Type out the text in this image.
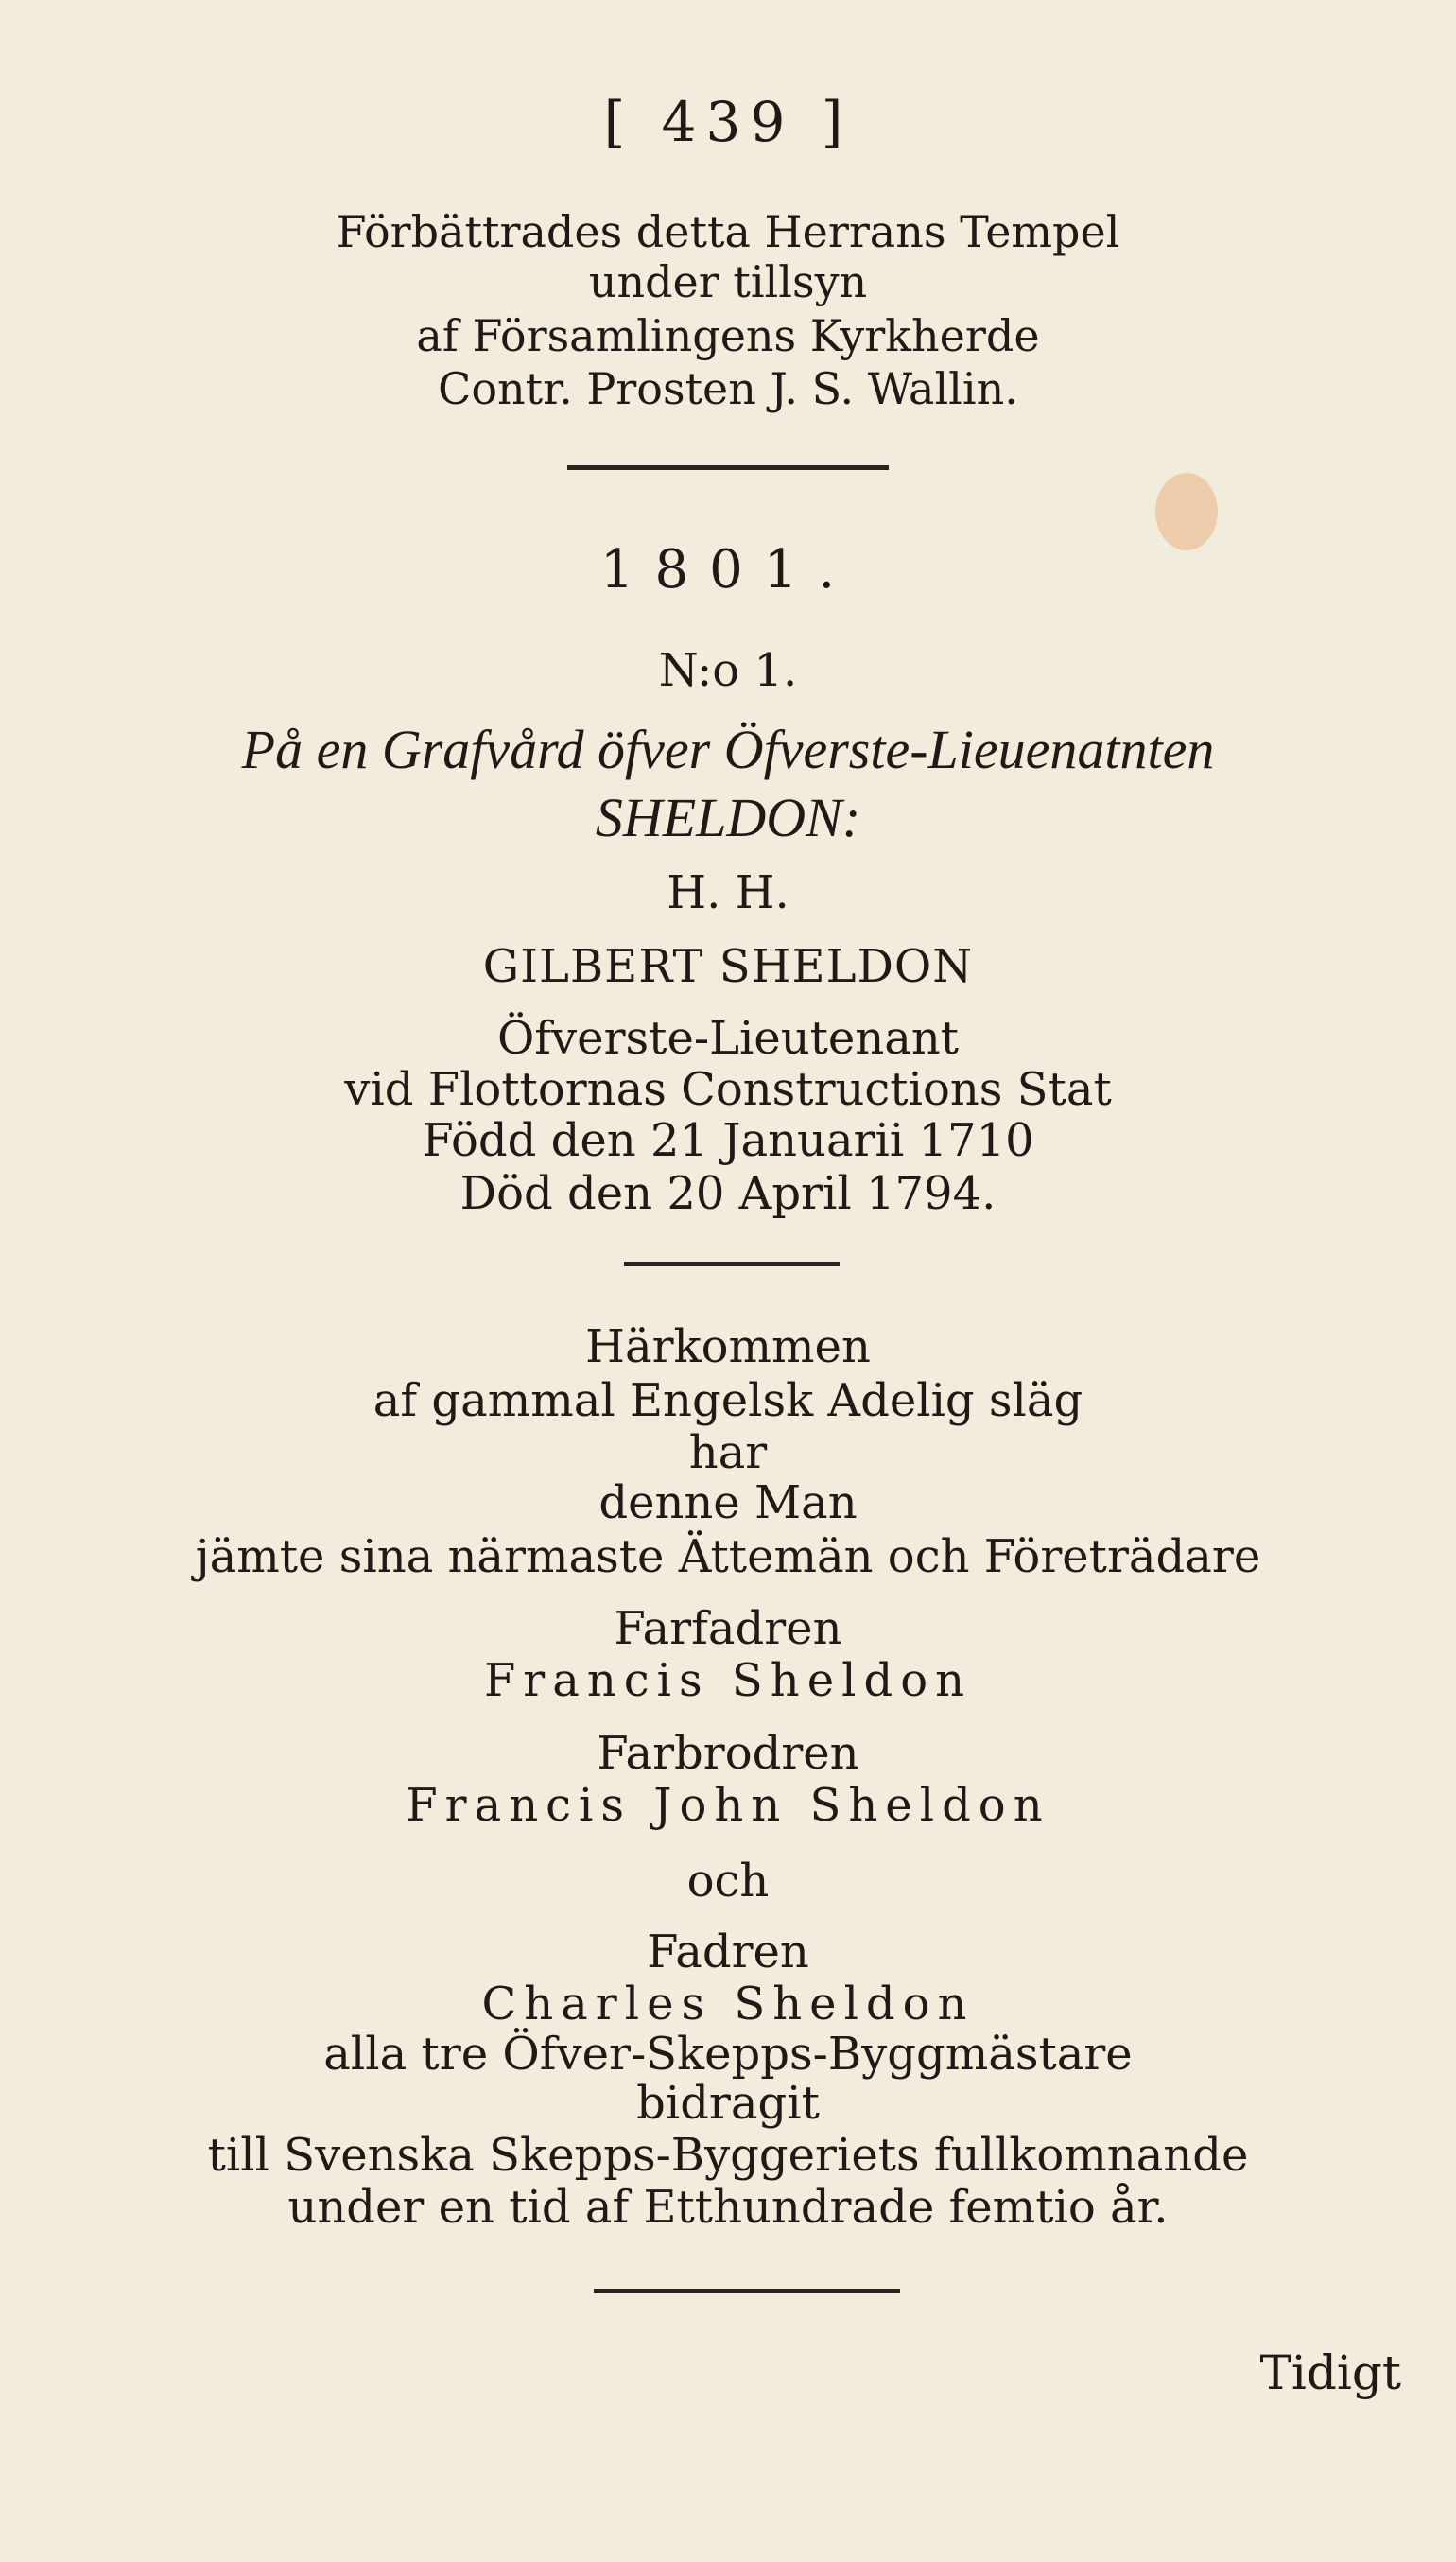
[ 439 ]
Förbättrades detta Herrans Tempel
under tillsyn
af Församlingens Kyrkherde
Contr. Prosten J. S. Wallin.
1801.
N:o 1.
På en Grafvård öfver Öfverste-Lieuenatnten
SHELDON:
H. H.
GILBERT SHELDON
Öfverste-Lieutenant
vid Flottornas Constructions Stat
Född den 21 Januarii 1710
Död den 20 April 1794.
Härkommen
af gammal Engelsk Adelig släg
har
denne Man
jämte sina närmaste Ättemän och Företrädare
Farfadren
Francis Sheldon
Farbrodren
Francis John Sheldon
och
Fadren
Charles Sheldon
alla tre Öfver-Skepps-Byggmästare
bidragit
till Svenska Skepps-Byggeriets fullkomnande
under en tid af Etthundrade femtio år.
Tidigt
